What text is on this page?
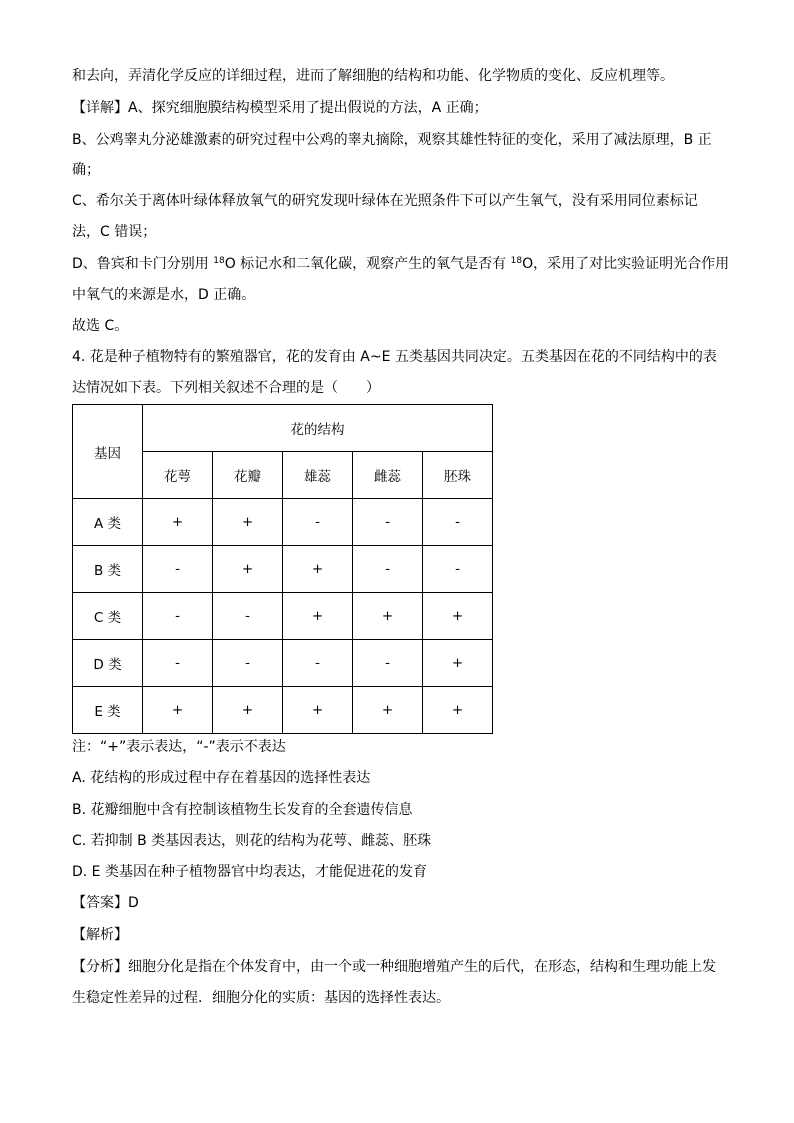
和去向，弄清化学反应的详细过程，进而了解细胞的结构和功能、化学物质的变化、反应机理等。
【详解】A、探究细胞膜结构模型采用了提出假说的方法，A 正确；
B、公鸡睾丸分泌雄激素的研究过程中公鸡的睾丸摘除，观察其雄性特征的变化，采用了减法原理，B 正
确；
C、希尔关于离体叶绿体释放氧气的研究发现叶绿体在光照条件下可以产生氧气，没有采用同位素标记
法，C 错误；
D、鲁宾和卡门分别用 $^{18}$O 标记水和二氧化碳，观察产生的氧气是否有 $^{18}$O，采用了对比实验证明光合作用
中氧气的来源是水，D 正确。
故选 C。
4. 花是种子植物特有的繁殖器官，花的发育由 A~E 五类基因共同决定。五类基因在花的不同结构中的表
达情况如下表。下列相关叙述不合理的是（　　）
基因	花的结构				
	花萼	花瓣	雄蕊	雌蕊	胚珠
A 类	+	+	-	-	-
B 类	-	+	+	-	-
C 类	-	-	+	+	+
D 类	-	-	-	-	+
E 类	+	+	+	+	+
注：“+”表示表达，“-”表示不表达
A. 花结构的形成过程中存在着基因的选择性表达
B. 花瓣细胞中含有控制该植物生长发育的全套遗传信息
C. 若抑制 B 类基因表达，则花的结构为花萼、雌蕊、胚珠
D. E 类基因在种子植物器官中均表达，才能促进花的发育
【答案】D
【解析】
【分析】细胞分化是指在个体发育中，由一个或一种细胞增殖产生的后代，在形态，结构和生理功能上发
生稳定性差异的过程．细胞分化的实质：基因的选择性表达。
